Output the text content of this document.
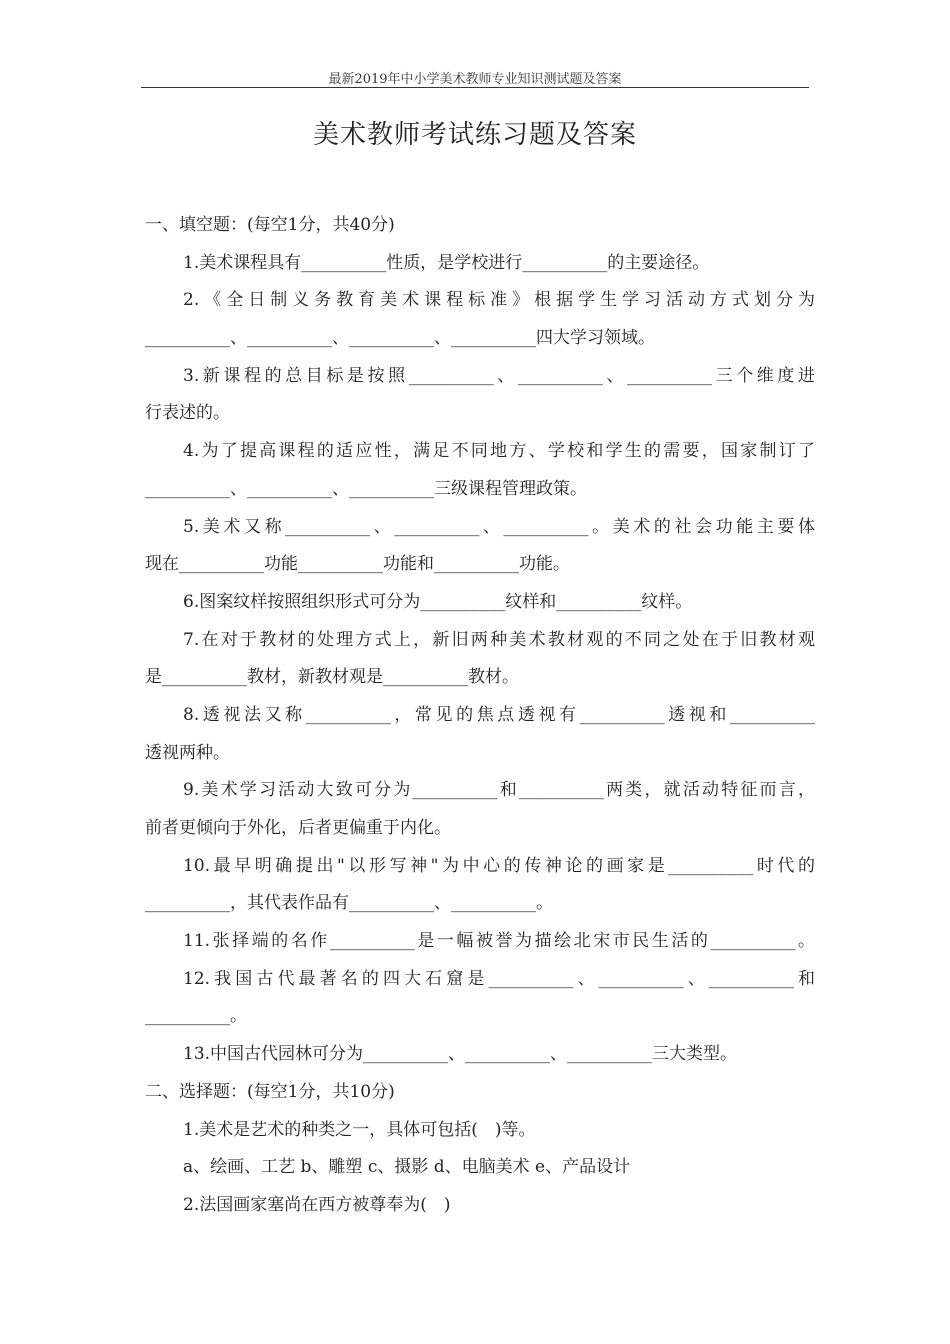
最新2019年中小学美术教师专业知识测试题及答案
美术教师考试练习题及答案
一、填空题：(每空1分，共40分)
1.美术课程具有__________性质，是学校进行__________的主要途径。
2.《全日制义务教育美术课程标准》根据学生学习活动方式划分为
__________、__________、__________、__________四大学习领域。
3.新课程的总目标是按照__________、__________、__________三个维度进
行表述的。
4.为了提高课程的适应性，满足不同地方、学校和学生的需要，国家制订了
__________、__________、__________三级课程管理政策。
5.美术又称__________、__________、__________。美术的社会功能主要体
现在__________功能__________功能和__________功能。
6.图案纹样按照组织形式可分为__________纹样和__________纹样。
7.在对于教材的处理方式上，新旧两种美术教材观的不同之处在于旧教材观
是__________教材，新教材观是__________教材。
8.透视法又称__________，常见的焦点透视有__________透视和__________
透视两种。
9.美术学习活动大致可分为__________和__________两类，就活动特征而言，
前者更倾向于外化，后者更偏重于内化。
10.最早明确提出"以形写神"为中心的传神论的画家是__________时代的
__________，其代表作品有__________、__________。
11.张择端的名作__________是一幅被誉为描绘北宋市民生活的__________。
12.我国古代最著名的四大石窟是__________、__________、__________和
__________。
13.中国古代园林可分为__________、__________、__________三大类型。
二、选择题：(每空1分，共10分)
1.美术是艺术的种类之一，具体可包括(　)等。
a、绘画、工艺 b、雕塑 c、摄影 d、电脑美术 e、产品设计
2.法国画家塞尚在西方被尊奉为(　)
